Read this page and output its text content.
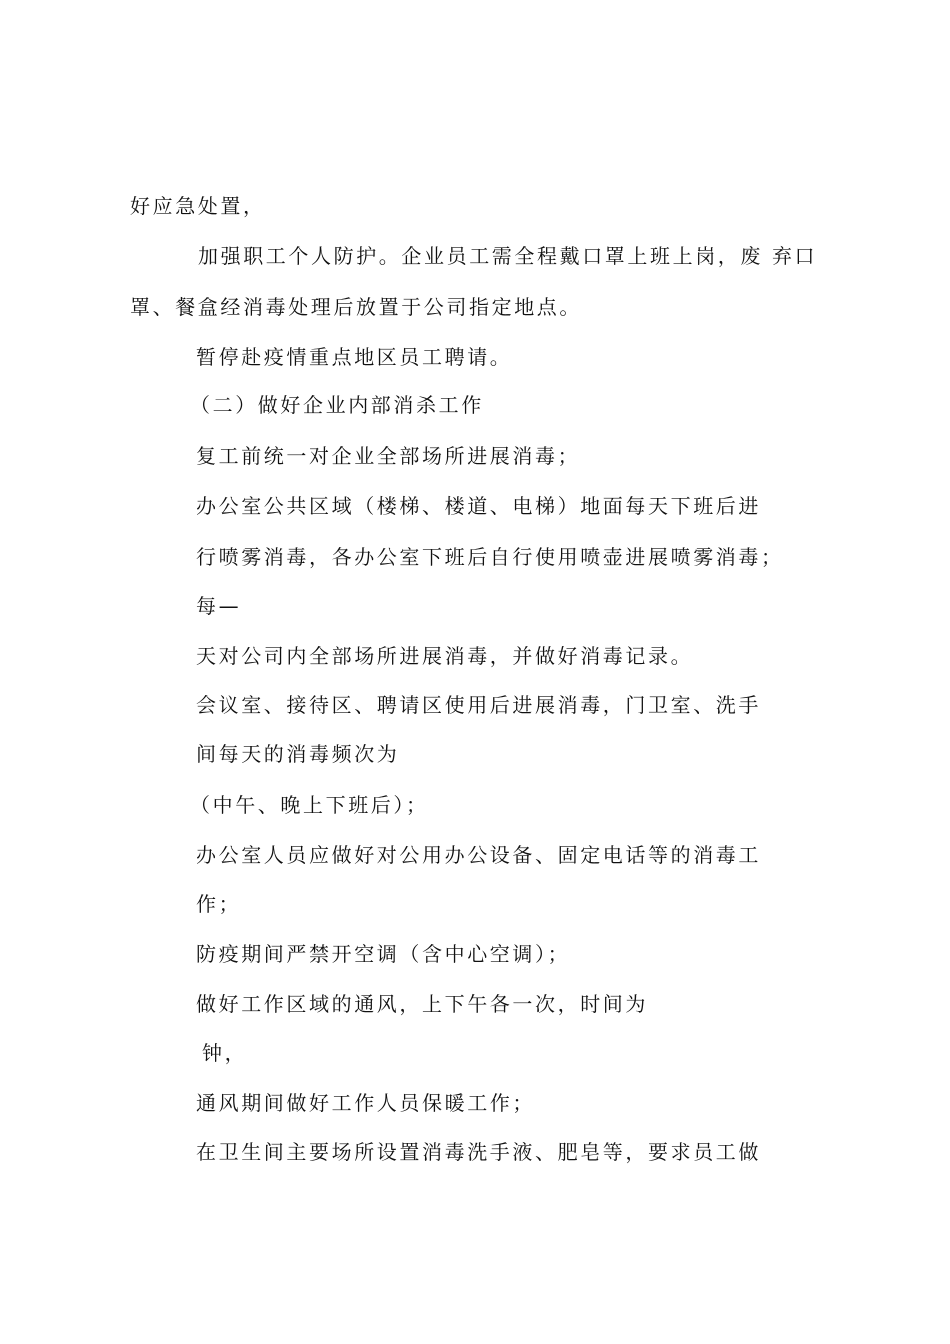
好应急处置，
加强职工个人防护。企业员工需全程戴口罩上班上岗，废 弃口
罩、餐盒经消毒处理后放置于公司指定地点。
暂停赴疫情重点地区员工聘请。
（二）做好企业内部消杀工作
复工前统一对企业全部场所进展消毒；
办公室公共区域（楼梯、楼道、电梯）地面每天下班后进
行喷雾消毒，各办公室下班后自行使用喷壶进展喷雾消毒；
每—
天对公司内全部场所进展消毒，并做好消毒记录。
会议室、接待区、聘请区使用后进展消毒，门卫室、洗手
间每天的消毒频次为
（中午、晚上下班后）；
办公室人员应做好对公用办公设备、固定电话等的消毒工
作；
防疫期间严禁开空调（含中心空调）；
做好工作区域的通风，上下午各一次，时间为
钟，
通风期间做好工作人员保暖工作；
在卫生间主要场所设置消毒洗手液、肥皂等，要求员工做
